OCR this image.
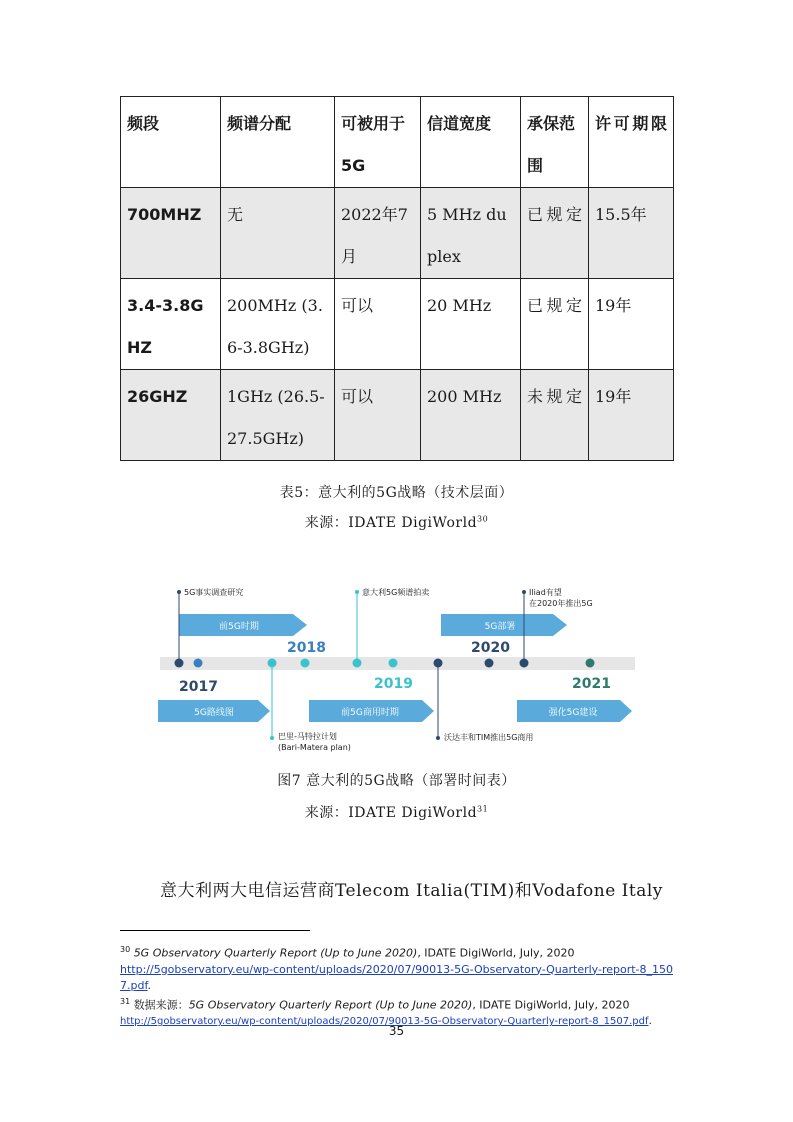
频段	频谱分配	可被用于5G	信道宽度	承保范围	许可期限
700MHZ	无	2022年7月	5 MHz duplex	已规定	15.5年
3.4-3.8GHZ	200MHz (3.6-3.8GHz)	可以	20 MHz	已规定	19年
26GHZ	1GHz (26.5-27.5GHz)	可以	200 MHz	未规定	19年
表5：意大利的5G战略（技术层面）
来源：IDATE DigiWorld$^{30}$
前5G时期	5G部署
5G路线图	前5G商用时期	强化5G建设
2017
2018
2019
2020
2021
5G事实调查研究	意大利5G频谱拍卖	Iliad有望
在2020年推出5G
巴里-马特拉计划
(Bari-Matera plan)
沃达丰和TIM推出5G商用
图7 意大利的5G战略（部署时间表）
来源：IDATE DigiWorld$^{31}$
意大利两大电信运营商Telecom Italia(TIM)和Vodafone Italy

$^{30}$ 5G Observatory Quarterly Report (Up to June 2020), IDATE DigiWorld, July, 2020
http://5gobservatory.eu/wp-content/uploads/2020/07/90013-5G-Observatory-Quarterly-report-8_1507.pdf.

$^{31}$ 数据来源：5G Observatory Quarterly Report (Up to June 2020), IDATE DigiWorld, July, 2020
http://5gobservatory.eu/wp-content/uploads/2020/07/90013-5G-Observatory-Quarterly-report-8_1507.pdf.

35
